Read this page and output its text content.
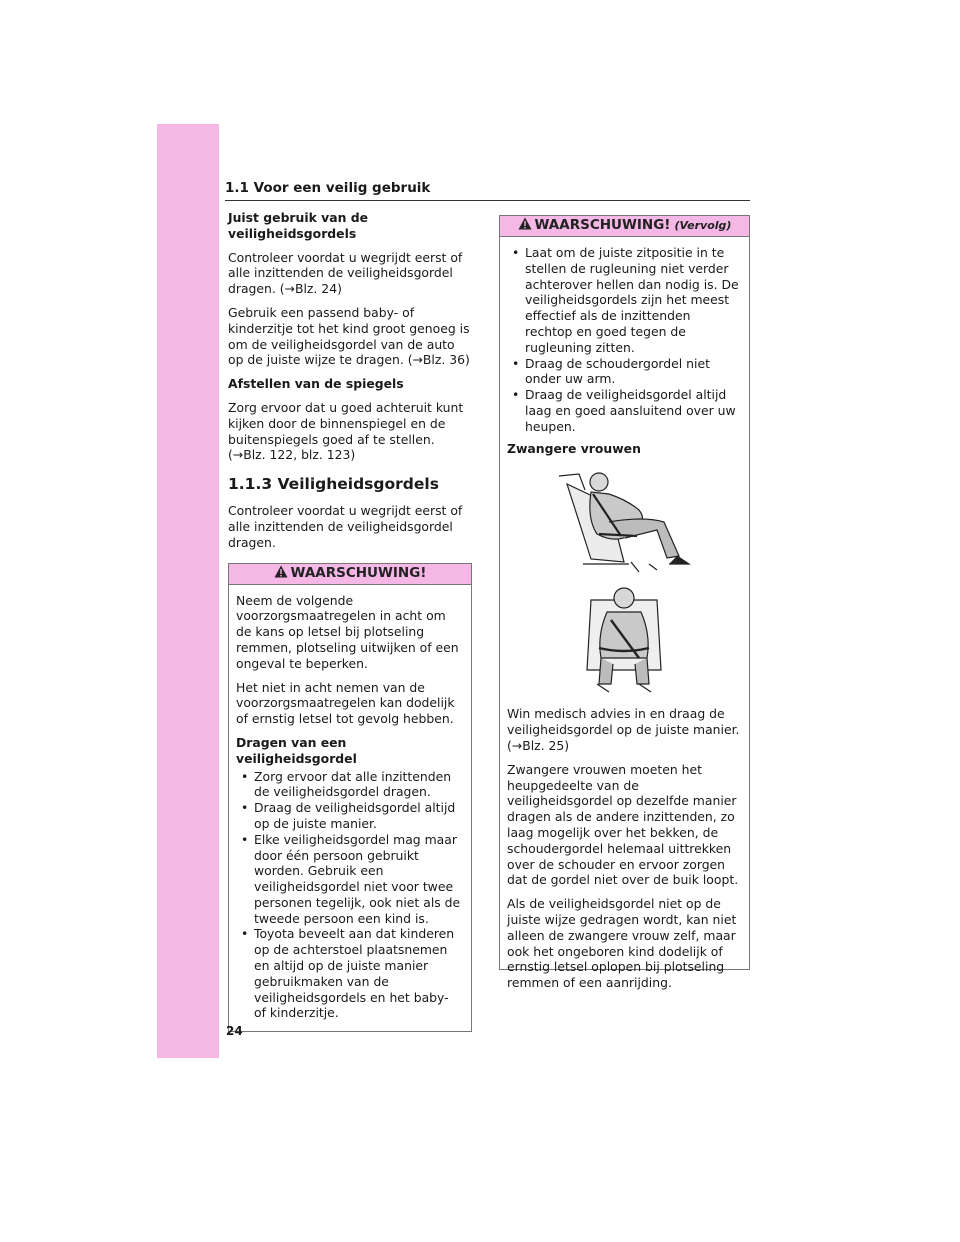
1.1 Voor een veilig gebruik
Juist gebruik van de veiligheidsgordels

Controleer voordat u wegrijdt eerst of alle inzittenden de veiligheidsgordel dragen. (→Blz. 24)

Gebruik een passend baby- of kinderzitje tot het kind groot genoeg is om de veiligheidsgordel van de auto op de juiste wijze te dragen. (→Blz. 36)

Afstellen van de spiegels

Zorg ervoor dat u goed achteruit kunt kijken door de binnenspiegel en de buitenspiegels goed af te stellen. (→Blz. 122, blz. 123)

1.1.3 Veiligheidsgordels

Controleer voordat u wegrijdt eerst of alle inzittenden de veiligheidsgordel dragen.

WAARSCHUWING!

Neem de volgende voorzorgsmaatregelen in acht om de kans op letsel bij plotseling remmen, plotseling uitwijken of een ongeval te beperken.

Het niet in acht nemen van de voorzorgsmaatregelen kan dodelijk of ernstig letsel tot gevolg hebben.

Dragen van een veiligheidsgordel
• Zorg ervoor dat alle inzittenden de veiligheidsgordel dragen.
• Draag de veiligheidsgordel altijd op de juiste manier.
• Elke veiligheidsgordel mag maar door één persoon gebruikt worden. Gebruik een veiligheidsgordel niet voor twee personen tegelijk, ook niet als de tweede persoon een kind is.
• Toyota beveelt aan dat kinderen op de achterstoel plaatsnemen en altijd op de juiste manier gebruikmaken van de veiligheidsgordels en het baby- of kinderzitje.
WAARSCHUWING! (Vervolg)
• Laat om de juiste zitpositie in te stellen de rugleuning niet verder achterover hellen dan nodig is. De veiligheidsgordels zijn het meest effectief als de inzittenden rechtop en goed tegen de rugleuning zitten.
• Draag de schoudergordel niet onder uw arm.
• Draag de veiligheidsgordel altijd laag en goed aansluitend over uw heupen.
Zwangere vrouwen

Win medisch advies in en draag de veiligheidsgordel op de juiste manier. (→Blz. 25)

Zwangere vrouwen moeten het heupgedeelte van de veiligheidsgordel op dezelfde manier dragen als de andere inzittenden, zo laag mogelijk over het bekken, de schoudergordel helemaal uittrekken over de schouder en ervoor zorgen dat de gordel niet over de buik loopt.

Als de veiligheidsgordel niet op de juiste wijze gedragen wordt, kan niet alleen de zwangere vrouw zelf, maar ook het ongeboren kind dodelijk of ernstig letsel oplopen bij plotseling remmen of een aanrijding.

24
